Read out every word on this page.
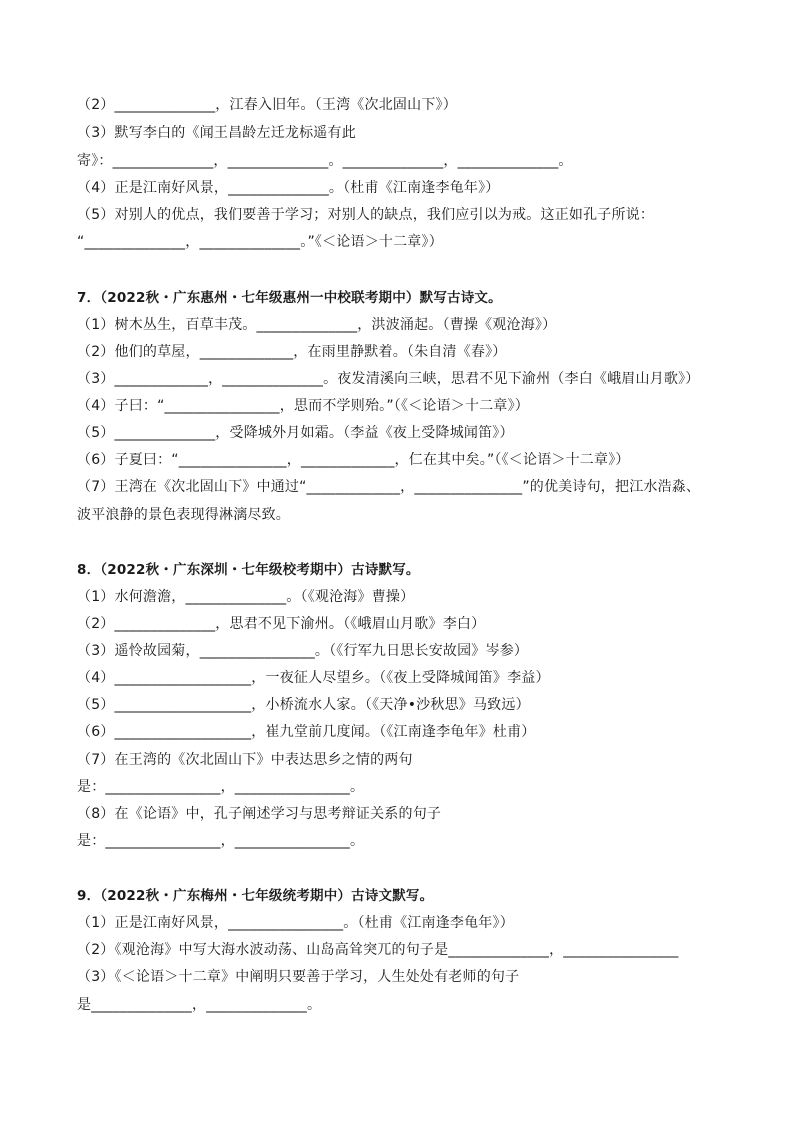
（2）______________，江春入旧年。（王湾《次北固山下》）
（3）默写李白的《闻王昌龄左迁龙标遥有此
寄》：______________，______________。______________，______________。
（4）正是江南好风景，______________。（杜甫《江南逢李龟年》）
（5）对别人的优点，我们要善于学习；对别人的缺点，我们应引以为戒。这正如孔子所说：
“______________，______________。”《＜论语＞十二章》）
7．（2022秋・广东惠州・七年级惠州一中校联考期中）默写古诗文。
（1）树木丛生，百草丰茂。______________，洪波涌起。（曹操《观沧海》）
（2）他们的草屋，_____________，在雨里静默着。（朱自清《春》）
（3）_____________，______________。夜发清溪向三峡，思君不见下渝州（李白《峨眉山月歌》）
（4）子曰：“________________，思而不学则殆。”（《＜论语＞十二章》）
（5）______________，受降城外月如霜。（李益《夜上受降城闻笛》）
（6）子夏曰：“_______________，_____________，仁在其中矣。”（《＜论语＞十二章》）
（7）王湾在《次北固山下》中通过“_____________，_______________”的优美诗句，把江水浩淼、
波平浪静的景色表现得淋漓尽致。
8．（2022秋・广东深圳・七年级校考期中）古诗默写。
（1）水何澹澹，______________。（《观沧海》曹操）
（2）______________，思君不见下渝州。（《峨眉山月歌》李白）
（3）遥怜故园菊，________________。（《行军九日思长安故园》岑参）
（4）___________________，一夜征人尽望乡。（《夜上受降城闻笛》李益）
（5）___________________，小桥流水人家。（《天净•沙秋思》马致远）
（6）___________________，崔九堂前几度闻。（《江南逢李龟年》杜甫）
（7）在王湾的《次北固山下》中表达思乡之情的两句
是：________________，________________。
（8）在《论语》中，孔子阐述学习与思考辩证关系的句子
是：________________，________________。
9．（2022秋・广东梅州・七年级统考期中）古诗文默写。
（1）正是江南好风景，________________。（杜甫《江南逢李龟年》）
（2）《观沧海》中写大海水波动荡、山岛高耸突兀的句子是______________，________________
（3）《＜论语＞十二章》中阐明只要善于学习，人生处处有老师的句子
是______________，______________。
